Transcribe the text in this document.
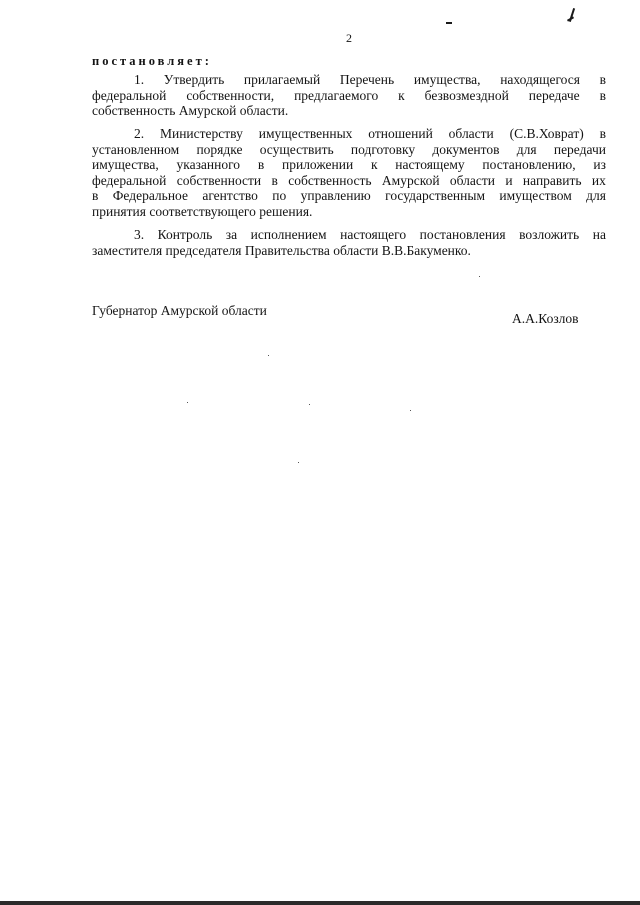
2
постановляет:
1. Утвердить прилагаемый Перечень имущества, находящегося в
федеральной собственности, предлагаемого к безвозмездной передаче в
собственность Амурской области.
2. Министерству имущественных отношений области (С.В.Ховрат) в
установленном порядке осуществить подготовку документов для передачи
имущества, указанного в приложении к настоящему постановлению, из
федеральной собственности в собственность Амурской области и направить их
в Федеральное агентство по управлению государственным имуществом для
принятия соответствующего решения.
3. Контроль за исполнением настоящего постановления возложить на
заместителя председателя Правительства области В.В.Бакуменко.
Губернатор Амурской области
А.А.Козлов
